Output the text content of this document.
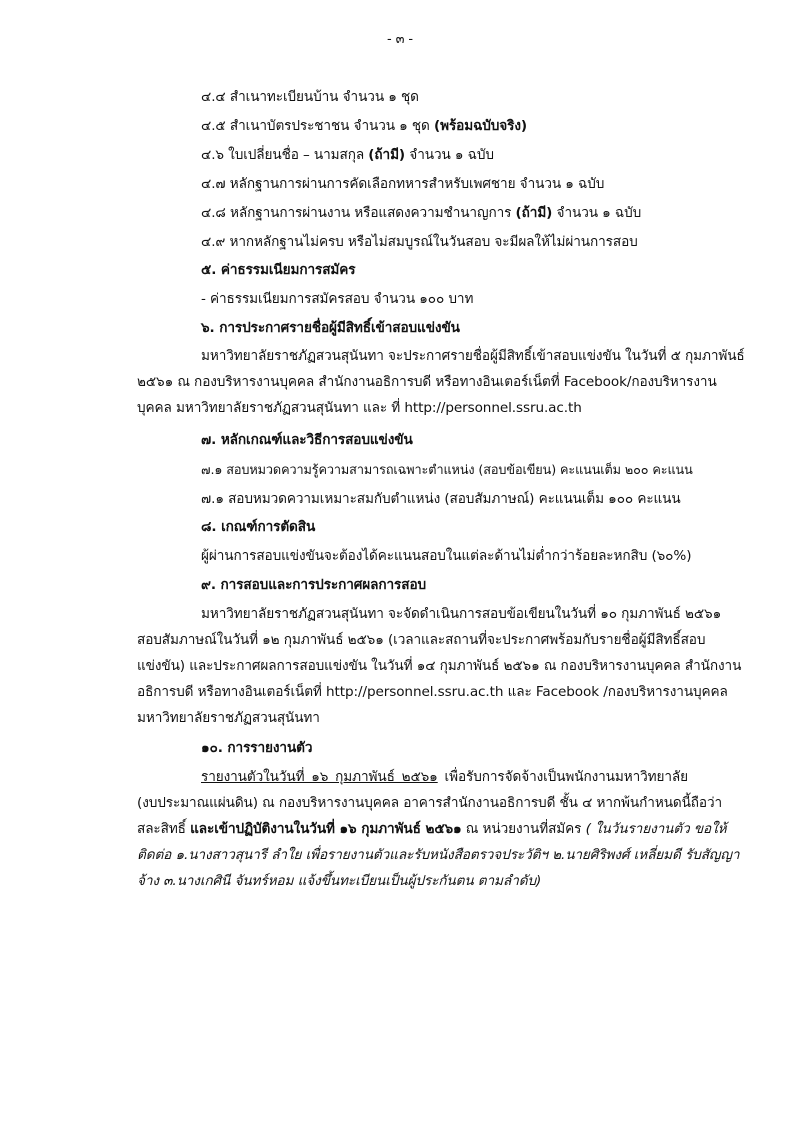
- ๓ -
๔.๔ สำเนาทะเบียนบ้าน จำนวน ๑ ชุด
๔.๕ สำเนาบัตรประชาชน จำนวน ๑ ชุด (พร้อมฉบับจริง)
๔.๖ ใบเปลี่ยนชื่อ – นามสกุล (ถ้ามี) จำนวน ๑ ฉบับ
๔.๗ หลักฐานการผ่านการคัดเลือกทหารสำหรับเพศชาย จำนวน ๑ ฉบับ
๔.๘ หลักฐานการผ่านงาน หรือแสดงความชำนาญการ (ถ้ามี) จำนวน ๑ ฉบับ
๔.๙ หากหลักฐานไม่ครบ หรือไม่สมบูรณ์ในวันสอบ จะมีผลให้ไม่ผ่านการสอบ
๕. ค่าธรรมเนียมการสมัคร
- ค่าธรรมเนียมการสมัครสอบ จำนวน ๑๐๐ บาท
๖. การประกาศรายชื่อผู้มีสิทธิ์เข้าสอบแข่งขัน
มหาวิทยาลัยราชภัฏสวนสุนันทา จะประกาศรายชื่อผู้มีสิทธิ์เข้าสอบแข่งขัน ในวันที่ ๕ กุมภาพันธ์
๒๕๖๑ ณ กองบริหารงานบุคคล สำนักงานอธิการบดี หรือทางอินเตอร์เน็ตที่ Facebook/กองบริหารงาน
บุคคล มหาวิทยาลัยราชภัฏสวนสุนันทา และ ที่ http://personnel.ssru.ac.th
๗. หลักเกณฑ์และวิธีการสอบแข่งขัน
๗.๑ สอบหมวดความรู้ความสามารถเฉพาะตำแหน่ง (สอบข้อเขียน) คะแนนเต็ม ๒๐๐ คะแนน
๗.๑ สอบหมวดความเหมาะสมกับตำแหน่ง (สอบสัมภาษณ์) คะแนนเต็ม ๑๐๐ คะแนน
๘. เกณฑ์การตัดสิน
ผู้ผ่านการสอบแข่งขันจะต้องได้คะแนนสอบในแต่ละด้านไม่ต่ำกว่าร้อยละหกสิบ (๖๐%)
๙. การสอบและการประกาศผลการสอบ
มหาวิทยาลัยราชภัฏสวนสุนันทา จะจัดดำเนินการสอบข้อเขียนในวันที่ ๑๐ กุมภาพันธ์ ๒๕๖๑
สอบสัมภาษณ์ในวันที่ ๑๒ กุมภาพันธ์ ๒๕๖๑ (เวลาและสถานที่จะประกาศพร้อมกับรายชื่อผู้มีสิทธิ์สอบ
แข่งขัน) และประกาศผลการสอบแข่งขัน ในวันที่ ๑๔ กุมภาพันธ์ ๒๕๖๑ ณ กองบริหารงานบุคคล สำนักงาน
อธิการบดี หรือทางอินเตอร์เน็ตที่ http://personnel.ssru.ac.th และ Facebook /กองบริหารงานบุคคล
มหาวิทยาลัยราชภัฏสวนสุนันทา
๑๐. การรายงานตัว
รายงานตัวในวันที่ ๑๖ กุมภาพันธ์ ๒๕๖๑ เพื่อรับการจัดจ้างเป็นพนักงานมหาวิทยาลัย
(งบประมาณแผ่นดิน) ณ กองบริหารงานบุคคล อาคารสำนักงานอธิการบดี ชั้น ๔ หากพ้นกำหนดนี้ถือว่า
สละสิทธิ์ และเข้าปฏิบัติงานในวันที่ ๑๖ กุมภาพันธ์ ๒๕๖๑ ณ หน่วยงานที่สมัคร ( ในวันรายงานตัว ขอให้
ติดต่อ ๑.นางสาวสุนารี ลำใย เพื่อรายงานตัวและรับหนังสือตรวจประวัติฯ ๒.นายศิริพงศ์ เหลี่ยมดี รับสัญญา
จ้าง ๓.นางเกศินี จันทร์หอม แจ้งขึ้นทะเบียนเป็นผู้ประกันตน ตามลำดับ)
